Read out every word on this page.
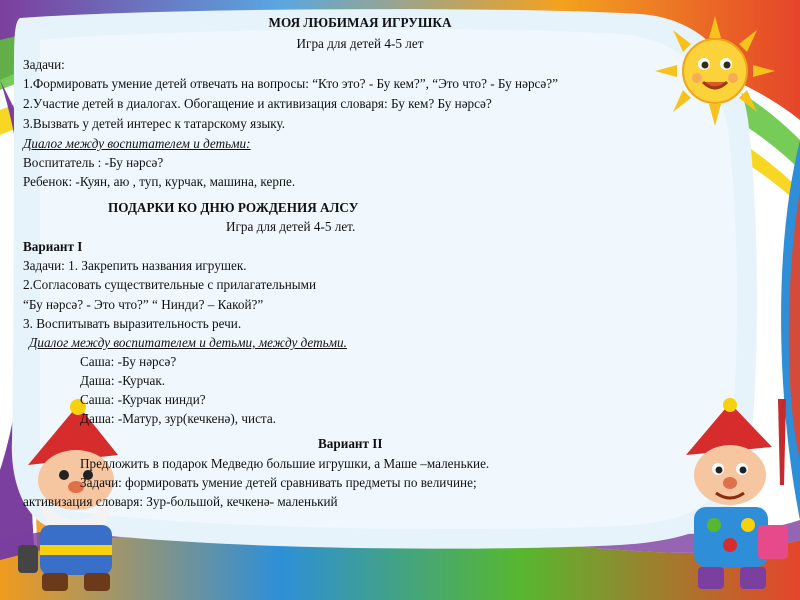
МОЯ ЛЮБИМАЯ ИГРУШКА
Игра для детей 4-5 лет
Задачи:
1.Формировать умение детей отвечать на вопросы: “Кто это? - Бу кем?”, “Это что? - Бу нәрсә?”
2.Участие детей в диалогах. Обогащение и активизация словаря: Бу кем? Бу нәрсә?
3.Вызвать у детей интерес к татарскому языку.
Диалог между воспитателем и детьми:
Воспитатель : -Бу нәрсә?
Ребенок: -Куян, аю , туп, курчак, машина, керпе.
ПОДАРКИ КО ДНЮ РОЖДЕНИЯ АЛСУ
Игра для детей 4-5 лет.
Вариант I
Задачи: 1. Закрепить названия игрушек.
2.Согласовать существительные с прилагательными
“Бу нәрсә? - Это что?” “ Нинди? – Какой?”
3. Воспитывать выразительность речи.
Диалог между воспитателем и детьми, между детьми.
Саша: -Бу нәрсә?
Даша: -Курчак.
Саша: -Курчак нинди?
Даша: -Матур, зур(кечкенә), чиста.
Вариант II
Предложить в подарок Медведю большие игрушки, а Маше –маленькие.
Задачи: формировать умение детей сравнивать предметы по величине;
активизация словаря: Зур-большой, кечкенә- маленький
